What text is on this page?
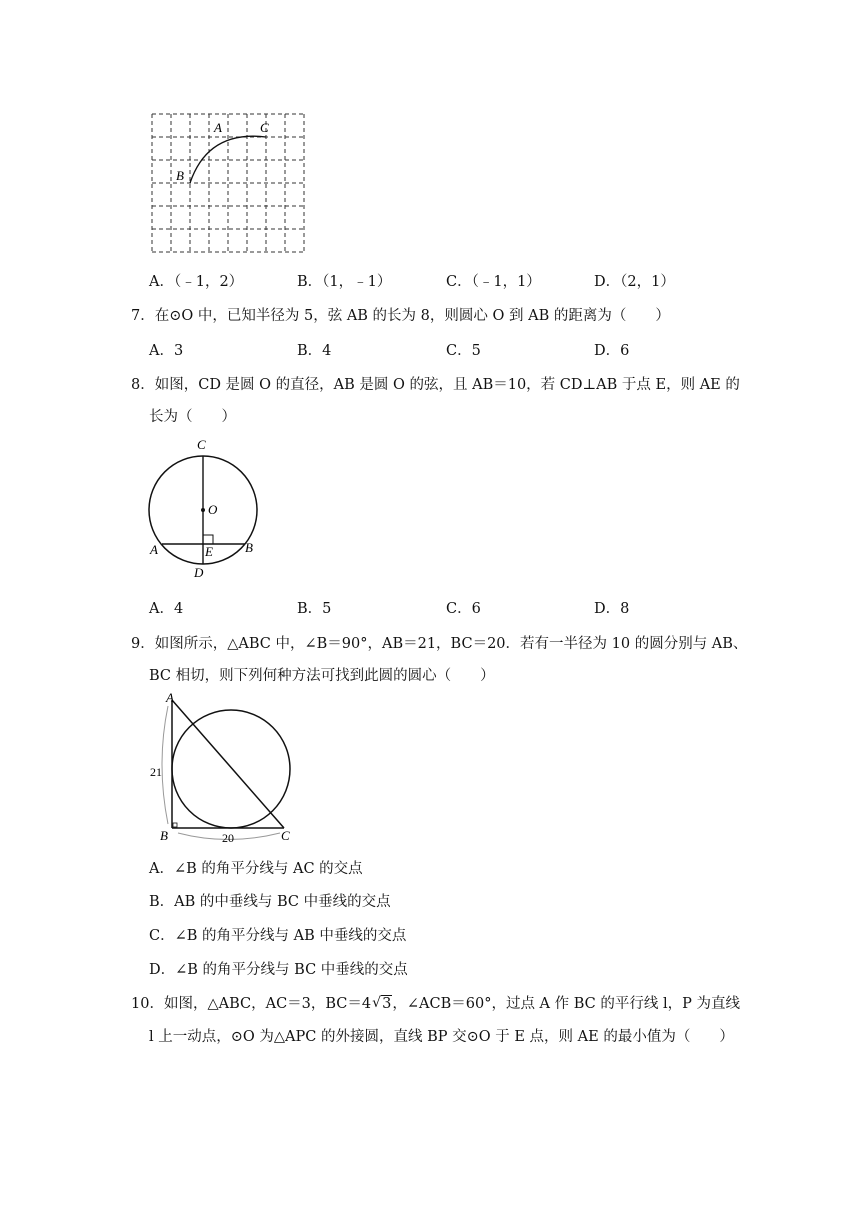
A	C
B
A．（﹣1，2）	B．（1，﹣1）	C．（﹣1，1）	D．（2，1）
7．在⊙O 中，已知半径为 5，弦 AB 的长为 8，则圆心 O 到 AB 的距离为（　　）
A．3	B．4	C．5	D．6
8．如图，CD 是圆 O 的直径，AB 是圆 O 的弦，且 AB＝10，若 CD⊥AB 于点 E，则 AE 的
长为（　　）
C
O
A	E B
D
A．4	B．5	C．6	D．8
9．如图所示，△ABC 中，∠B＝90°，AB＝21，BC＝20．若有一半径为 10 的圆分别与 AB、
BC 相切，则下列何种方法可找到此圆的圆心（　　）
A
B	C
21
20
A．∠B 的角平分线与 AC 的交点
B．AB 的中垂线与 BC 中垂线的交点
C．∠B 的角平分线与 AB 中垂线的交点
D．∠B 的角平分线与 BC 中垂线的交点
10．如图，△ABC，AC＝3，BC＝4 √ 3，∠ACB＝60°，过点 A 作 BC 的平行线 l，P 为直线
l 上一动点，⊙O 为△APC 的外接圆，直线 BP 交⊙O 于 E 点，则 AE 的最小值为（　　）
